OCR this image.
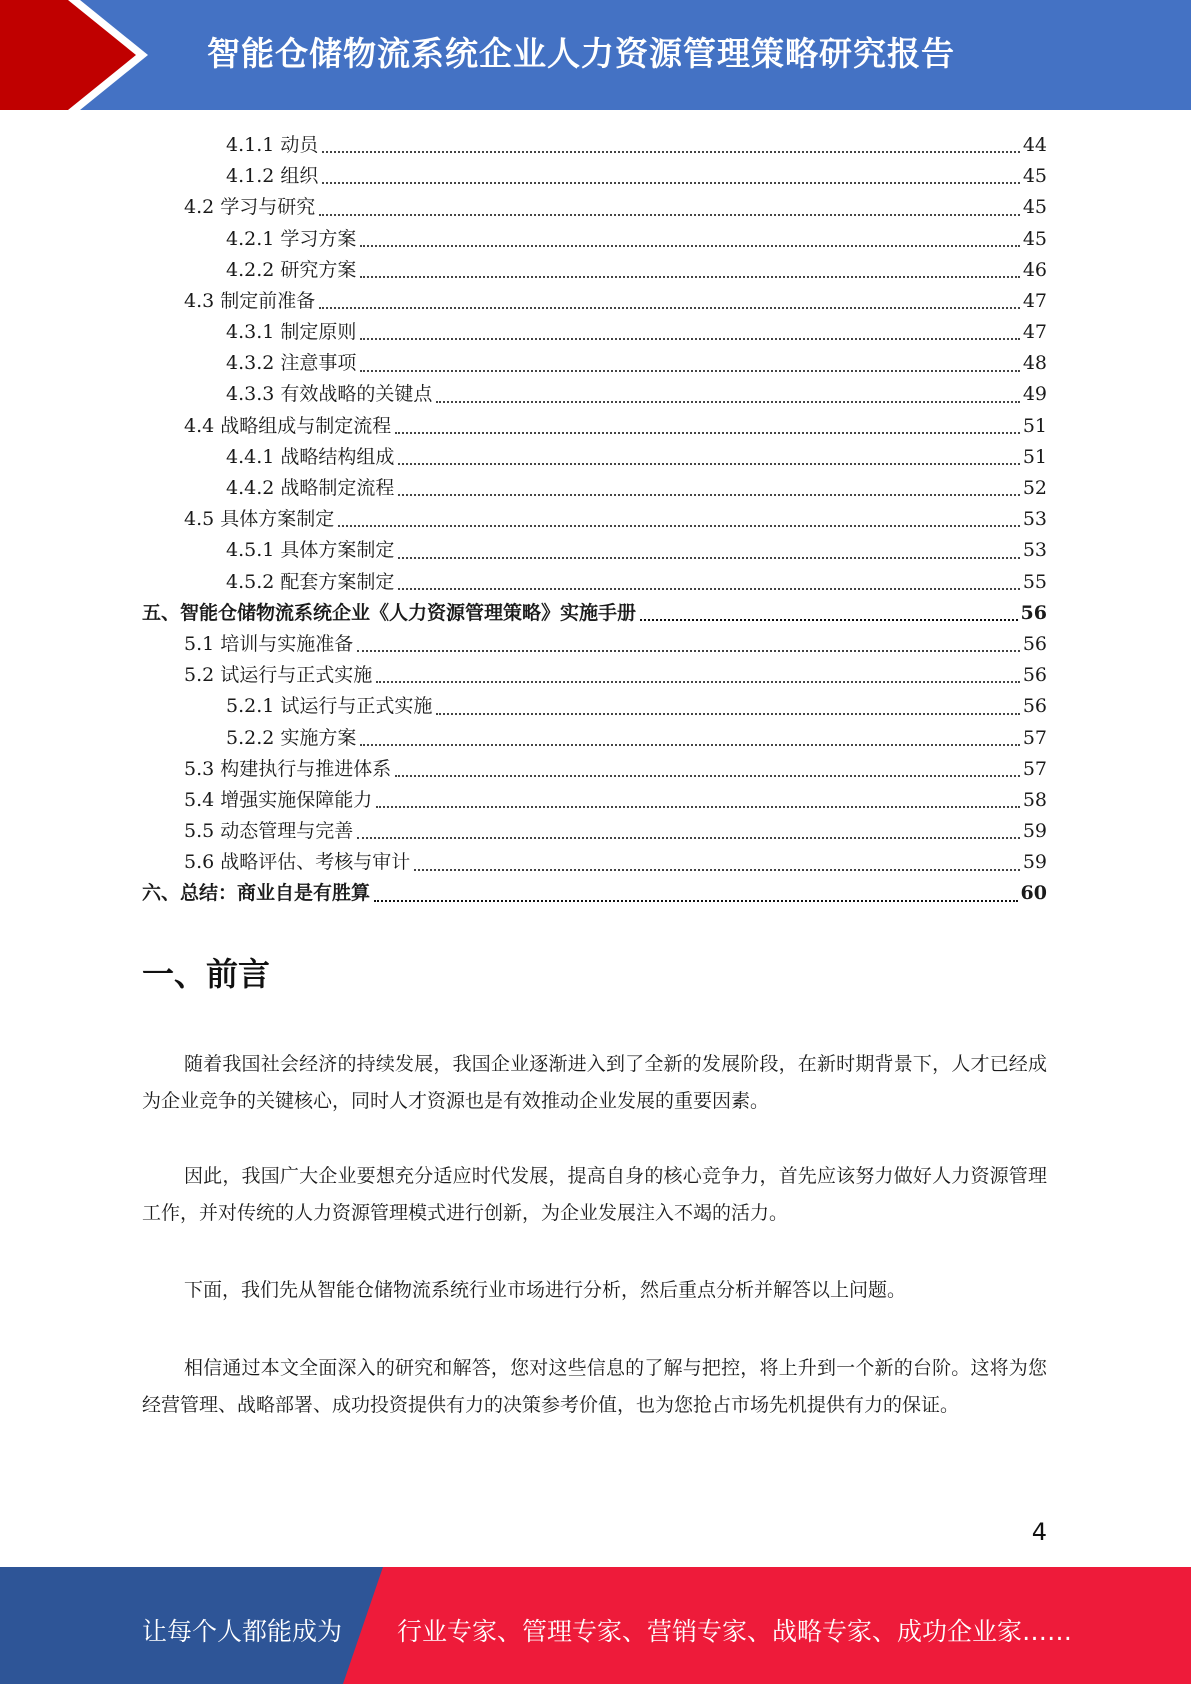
智能仓储物流系统企业人力资源管理策略研究报告
4.1.1 动员	44
4.1.2 组织	45
4.2 学习与研究	45
4.2.1 学习方案	45
4.2.2 研究方案	46
4.3 制定前准备	47
4.3.1 制定原则	47
4.3.2 注意事项	48
4.3.3 有效战略的关键点	49
4.4 战略组成与制定流程	51
4.4.1 战略结构组成	51
4.4.2 战略制定流程	52
4.5 具体方案制定	53
4.5.1 具体方案制定	53
4.5.2 配套方案制定	55
五、智能仓储物流系统企业《人力资源管理策略》实施手册	56
5.1 培训与实施准备	56
5.2 试运行与正式实施	56
5.2.1 试运行与正式实施	56
5.2.2 实施方案	57
5.3 构建执行与推进体系	57
5.4 增强实施保障能力	58
5.5 动态管理与完善	59
5.6 战略评估、考核与审计	59
六、总结：商业自是有胜算	60
一、前言
随着我国社会经济的持续发展，我国企业逐渐进入到了全新的发展阶段，在新时期背景下，人才已经成为企业竞争的关键核心，同时人才资源也是有效推动企业发展的重要因素。
因此，我国广大企业要想充分适应时代发展，提高自身的核心竞争力，首先应该努力做好人力资源管理工作，并对传统的人力资源管理模式进行创新，为企业发展注入不竭的活力。
下面，我们先从智能仓储物流系统行业市场进行分析，然后重点分析并解答以上问题。
相信通过本文全面深入的研究和解答，您对这些信息的了解与把控，将上升到一个新的台阶。这将为您经营管理、战略部署、成功投资提供有力的决策参考价值，也为您抢占市场先机提供有力的保证。
4
让每个人都能成为 行业专家、管理专家、营销专家、战略专家、成功企业家……
